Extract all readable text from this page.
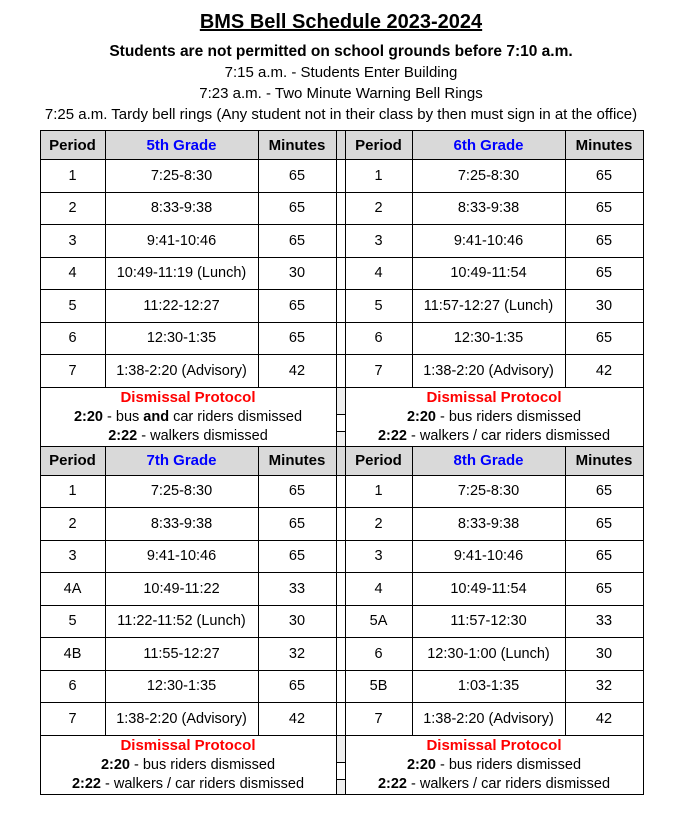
BMS Bell Schedule 2023-2024
Students are not permitted on school grounds before 7:10 a.m.
7:15 a.m. - Students Enter Building
7:23 a.m. - Two Minute Warning Bell Rings
7:25 a.m. Tardy bell rings (Any student not in their class by then must sign in at the office)
Period	5th Grade	Minutes		Period	6th Grade	Minutes
1	7:25-8:30	65		1	7:25-8:30	65
2	8:33-9:38	65		2	8:33-9:38	65
3	9:41-10:46	65		3	9:41-10:46	65
4	10:49-11:19 (Lunch)	30		4	10:49-11:54	65
5	11:22-12:27	65		5	11:57-12:27 (Lunch)	30
6	12:30-1:35	65		6	12:30-1:35	65
7	1:38-2:20 (Advisory)	42		7	1:38-2:20 (Advisory)	42

Dismissal Protocol
2:20 - bus and car riders dismissed
2:22 - walkers dismissed

Dismissal Protocol
2:20 - bus riders dismissed
2:22 - walkers / car riders dismissed

Period	7th Grade	Minutes		Period	8th Grade	Minutes
1	7:25-8:30	65		1	7:25-8:30	65
2	8:33-9:38	65		2	8:33-9:38	65
3	9:41-10:46	65		3	9:41-10:46	65
4A	10:49-11:22	33		4	10:49-11:54	65
5	11:22-11:52 (Lunch)	30		5A	11:57-12:30	33
4B	11:55-12:27	32		6	12:30-1:00 (Lunch)	30
6	12:30-1:35	65		5B	1:03-1:35	32
7	1:38-2:20 (Advisory)	42		7	1:38-2:20 (Advisory)	42

Dismissal Protocol
2:20 - bus riders dismissed
2:22 - walkers / car riders dismissed

Dismissal Protocol
2:20 - bus riders dismissed
2:22 - walkers / car riders dismissed
